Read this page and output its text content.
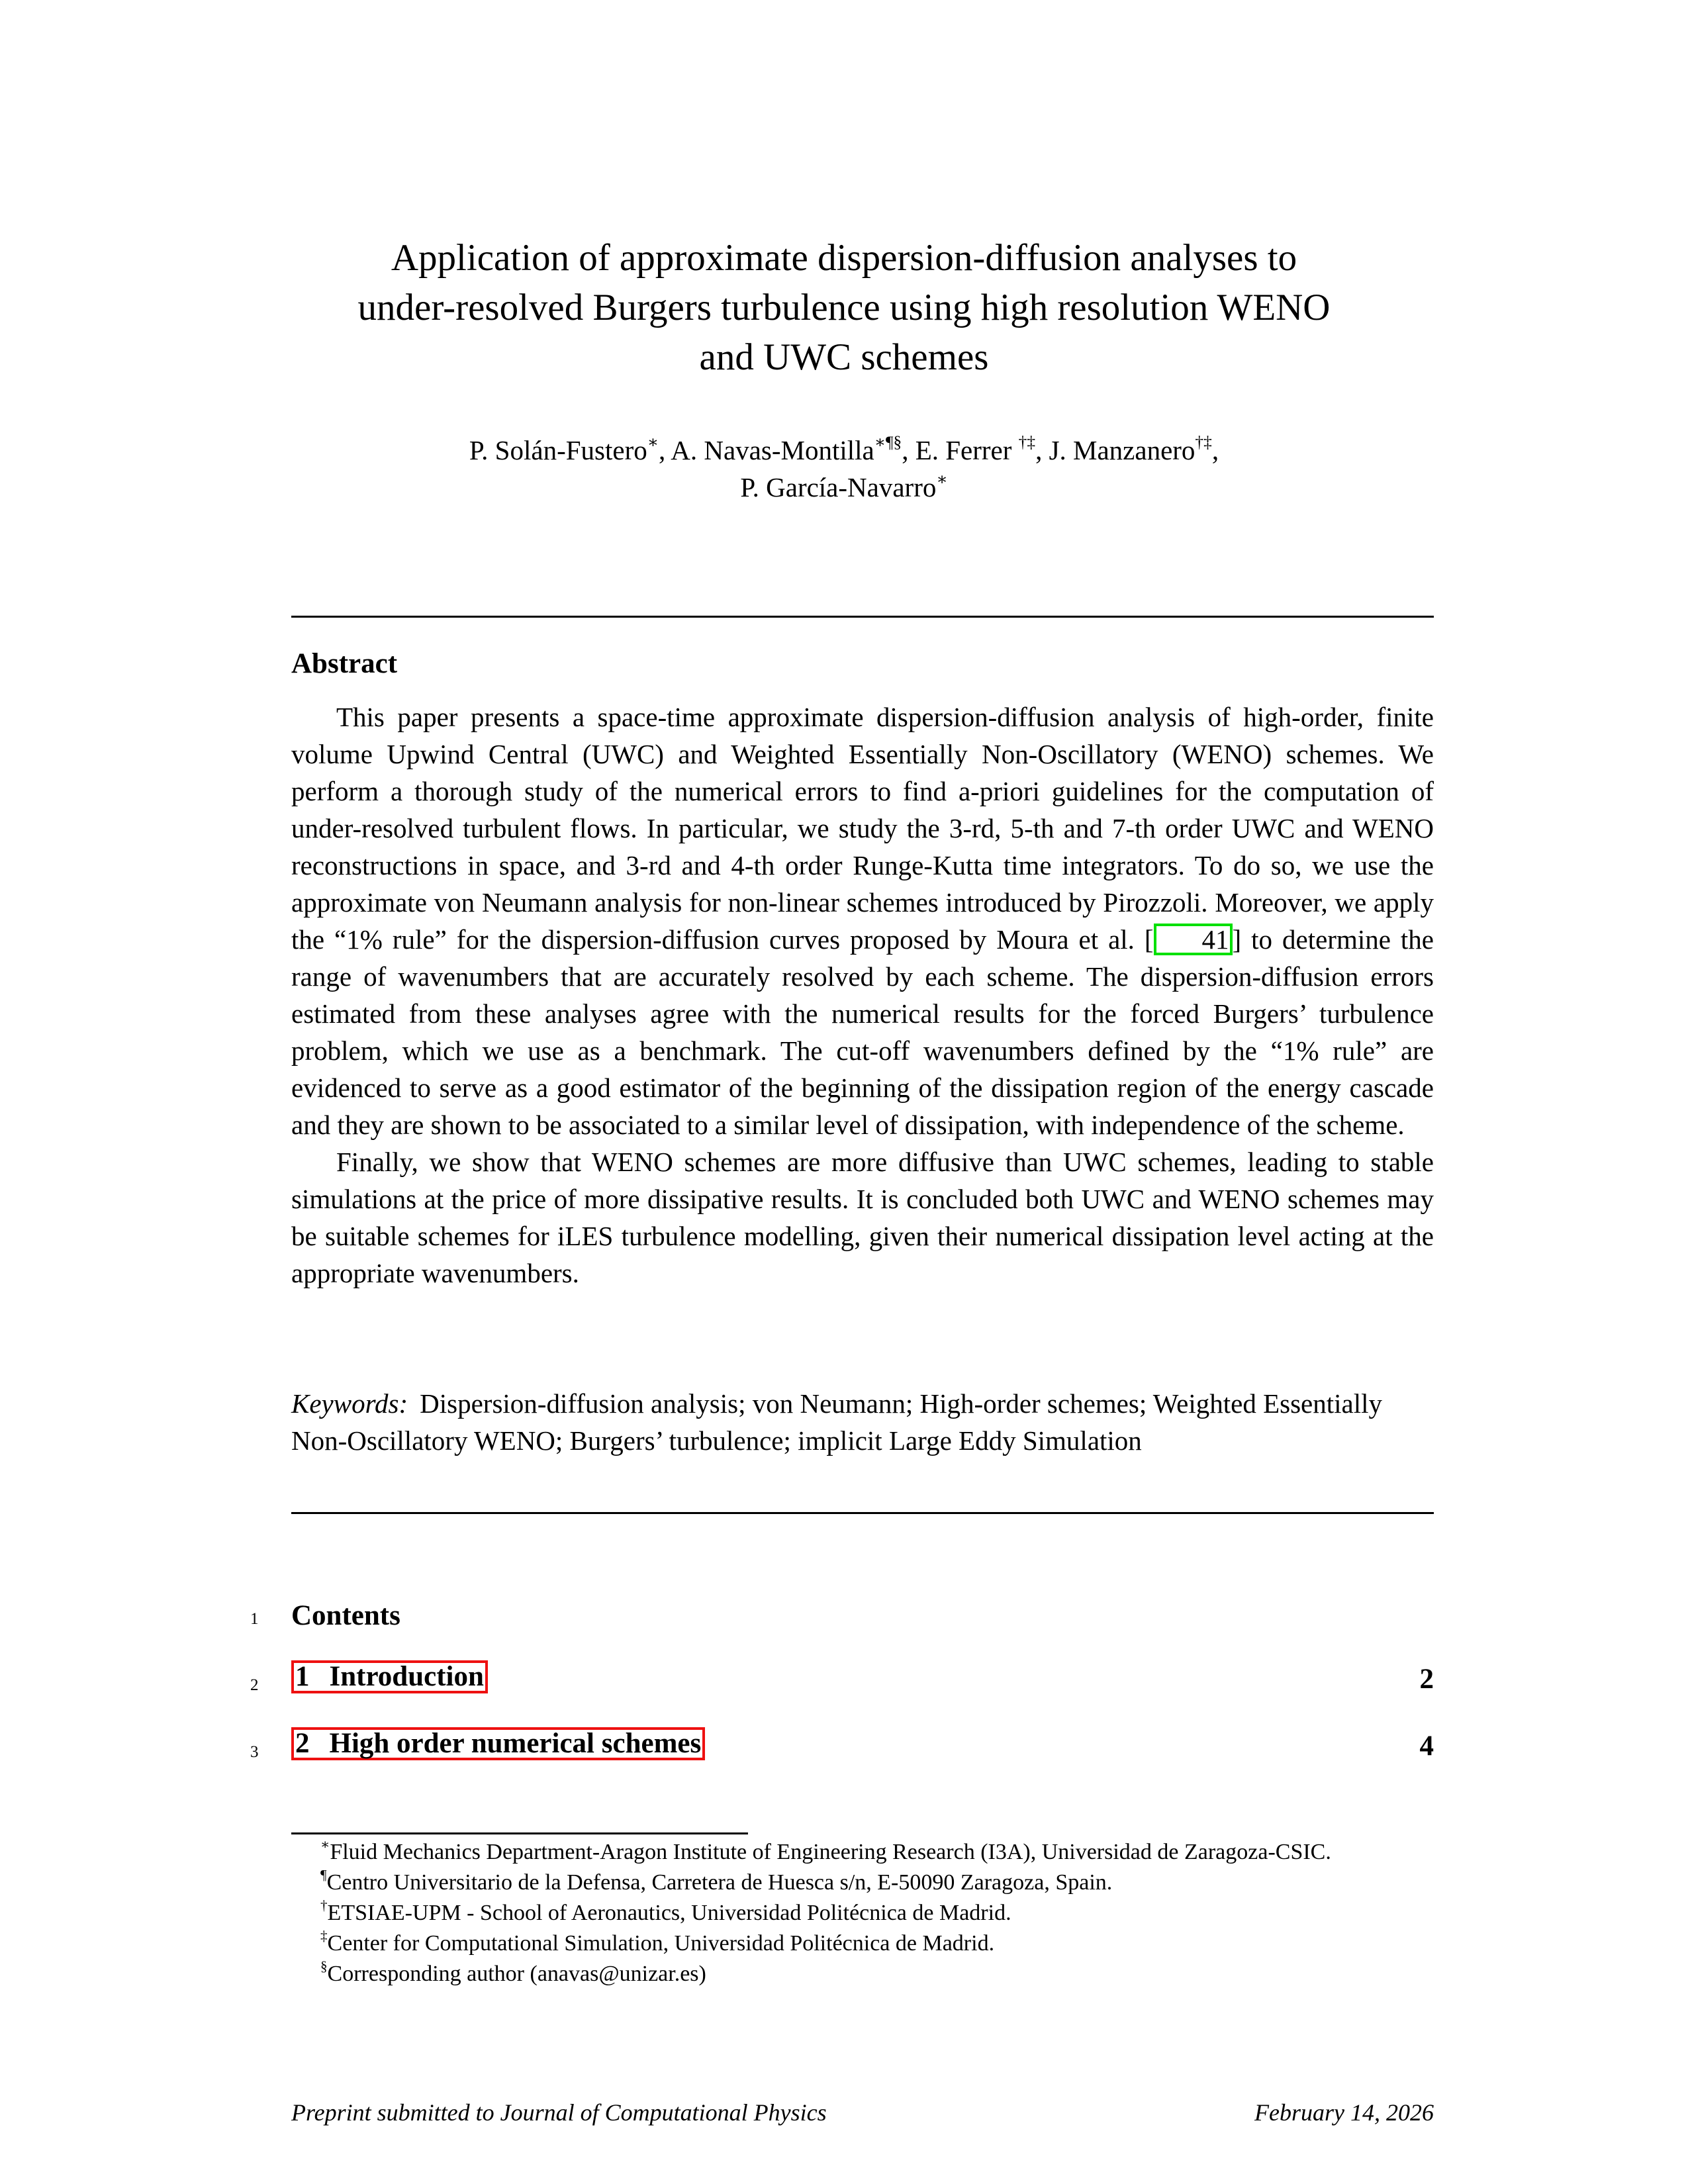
Application of approximate dispersion-diffusion analyses to
under-resolved Burgers turbulence using high resolution WENO
and UWC schemes
P. Solán-Fustero∗, A. Navas-Montilla∗¶§, E. Ferrer †‡, J. Manzanero†‡,
P. García-Navarro∗
Abstract

This paper presents a space-time approximate dispersion-diffusion analysis of high-order, finite volume Upwind Central (UWC) and Weighted Essentially Non-Oscillatory (WENO) schemes. We perform a thorough study of the numerical errors to find a-priori guidelines for the computation of under-resolved turbulent flows. In particular, we study the 3-rd, 5-th and 7-th order UWC and WENO reconstructions in space, and 3-rd and 4-th order Runge-Kutta time integrators. To do so, we use the approximate von Neumann analysis for non-linear schemes introduced by Pirozzoli. Moreover, we apply the “1% rule” for the dispersion-diffusion curves proposed by Moura et al. [ 41 ] to determine the range of wavenumbers that are accurately resolved by each scheme. The dispersion-diffusion errors estimated from these analyses agree with the numerical results for the forced Burgers’ turbulence problem, which we use as a benchmark. The cut-off wavenumbers defined by the “1% rule” are evidenced to serve as a good estimator of the beginning of the dissipation region of the energy cascade and they are shown to be associated to a similar level of dissipation, with independence of the scheme.

Finally, we show that WENO schemes are more diffusive than UWC schemes, leading to stable simulations at the price of more dissipative results. It is concluded both UWC and WENO schemes may be suitable schemes for iLES turbulence modelling, given their numerical dissipation level acting at the appropriate wavenumbers.

Keywords: Dispersion-diffusion analysis; von Neumann; High-order schemes; Weighted Essentially Non-Oscillatory WENO; Burgers’ turbulence; implicit Large Eddy Simulation
1 Contents
2 1 Introduction	2
3 2 High order numerical schemes	4

∗Fluid Mechanics Department-Aragon Institute of Engineering Research (I3A), Universidad de Zaragoza-CSIC.

¶Centro Universitario de la Defensa, Carretera de Huesca s/n, E-50090 Zaragoza, Spain.

†ETSIAE-UPM - School of Aeronautics, Universidad Politécnica de Madrid.

‡Center for Computational Simulation, Universidad Politécnica de Madrid.

§Corresponding author (anavas@unizar.es)

Preprint submitted to Journal of Computational Physics	February 14, 2026
